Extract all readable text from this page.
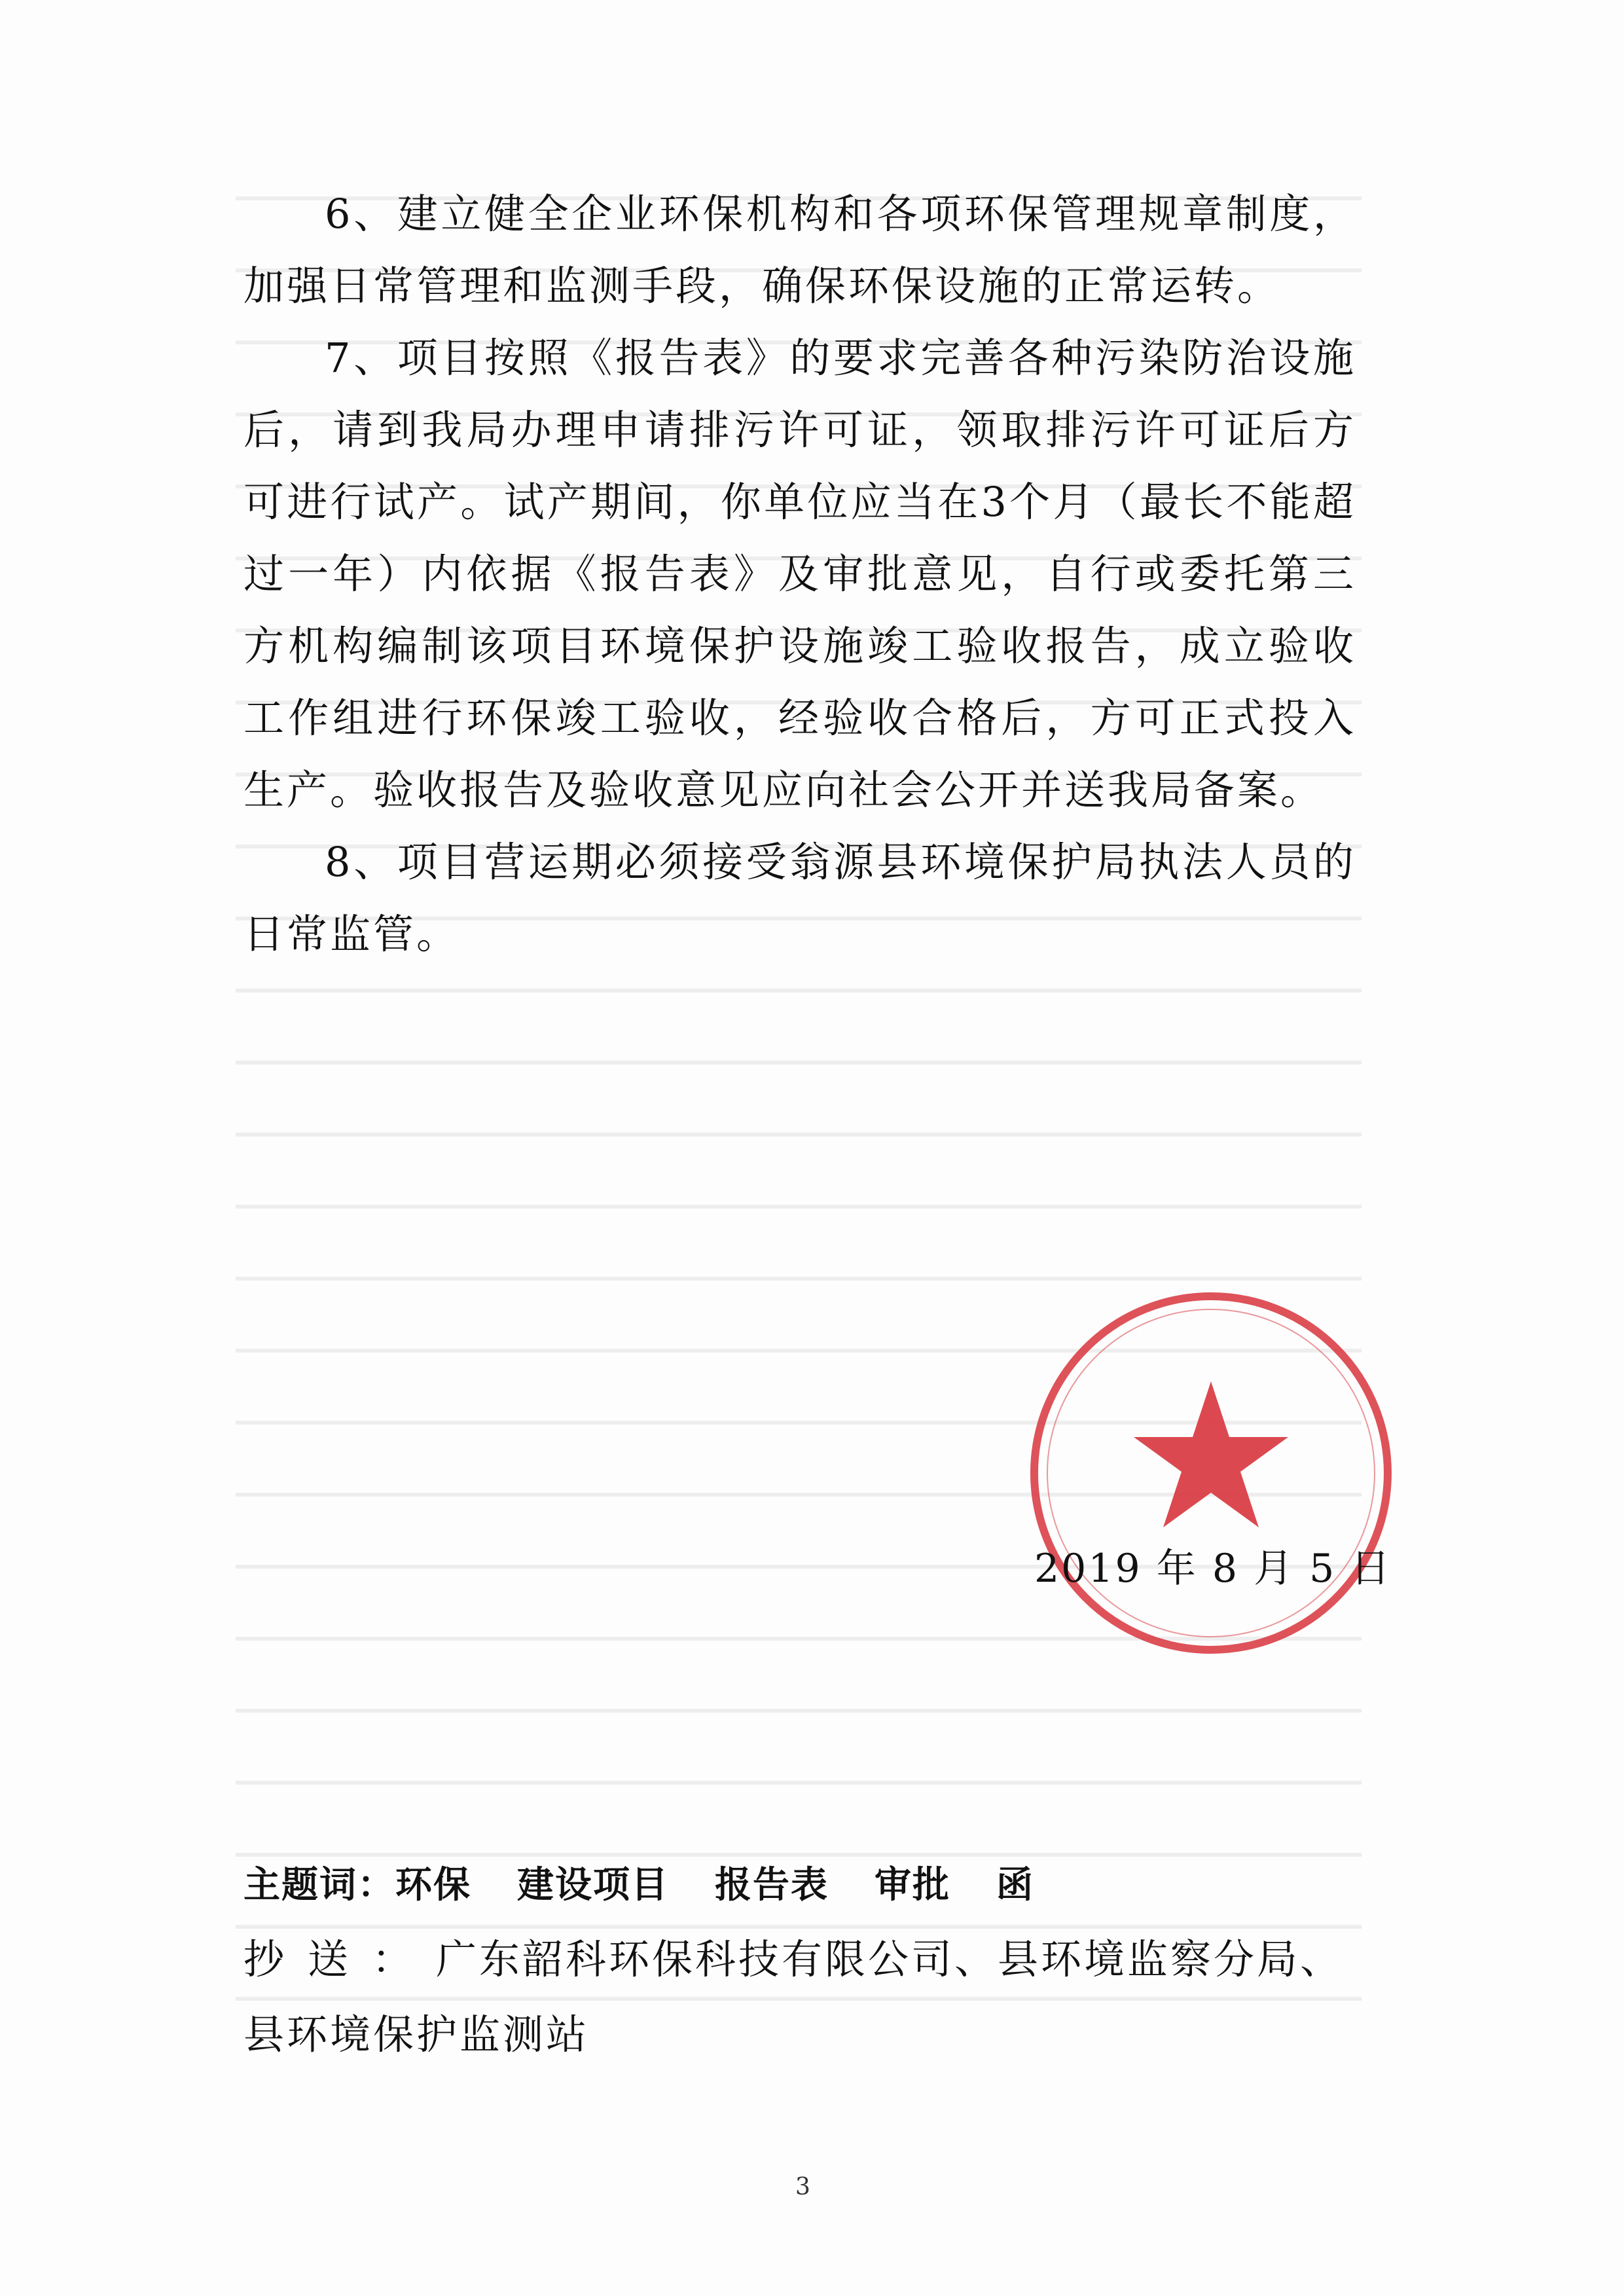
6、建立健全企业环保机构和各项环保管理规章制度，加强日常管理和监测手段，确保环保设施的正常运转。

7、项目按照《报告表》的要求完善各种污染防治设施后，请到我局办理申请排污许可证，领取排污许可证后方可进行试产。试产期间，你单位应当在3个月（最长不能超过一年）内依据《报告表》及审批意见，自行或委托第三方机构编制该项目环境保护设施竣工验收报告，成立验收工作组进行环保竣工验收，经验收合格后，方可正式投入生产。验收报告及验收意见应向社会公开并送我局备案。

8、项目营运期必须接受翁源县环境保护局执法人员的日常监管。

2019 年 8 月 5 日
主题词：环保 建设项目 报告表 审批 函
抄送：广东韶科环保科技有限公司、县环境监察分局、县环境保护监测站
3
